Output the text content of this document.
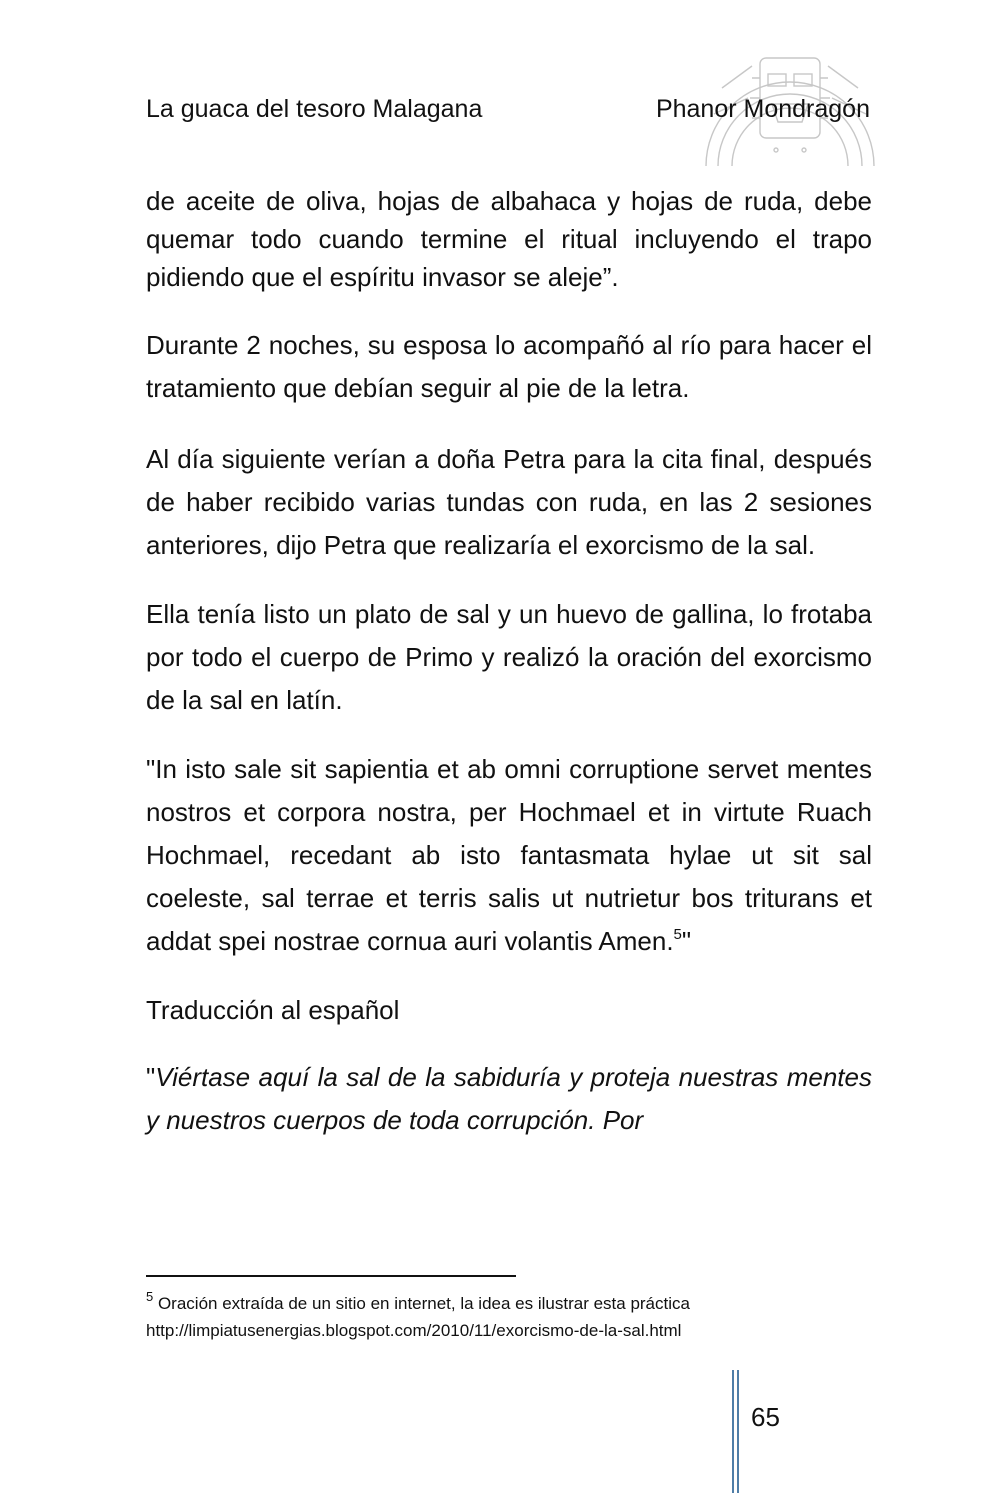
La guaca del tesoro Malagana	Phanor Mondragón

de aceite de oliva, hojas de albahaca y hojas de ruda, debe quemar todo cuando termine el ritual incluyendo el trapo pidiendo que el espíritu invasor se aleje”.

Durante 2 noches, su esposa lo acompañó al río para hacer el tratamiento que debían seguir al pie de la letra.

Al día siguiente verían a doña Petra para la cita final, después de haber recibido varias tundas con ruda, en las 2 sesiones anteriores, dijo Petra que realizaría el exorcismo de la sal.

Ella tenía listo un plato de sal y un huevo de gallina, lo frotaba por todo el cuerpo de Primo y realizó la oración del exorcismo de la sal en latín.

"In isto sale sit sapientia et ab omni corruptione servet mentes nostros et corpora nostra, per Hochmael et in virtute Ruach Hochmael, recedant ab isto fantasmata hylae ut sit sal coeleste, sal terrae et terris salis ut nutrietur bos triturans et addat spei nostrae cornua auri volantis Amen.$^5$"

Traducción al español

"Viértase aquí la sal de la sabiduría y proteja nuestras mentes y nuestros cuerpos de toda corrupción. Por

$^5$ Oración extraída de un sitio en internet, la idea es ilustrar esta práctica
http://limpiatusenergias.blogspot.com/2010/11/exorcismo-de-la-sal.html
65
